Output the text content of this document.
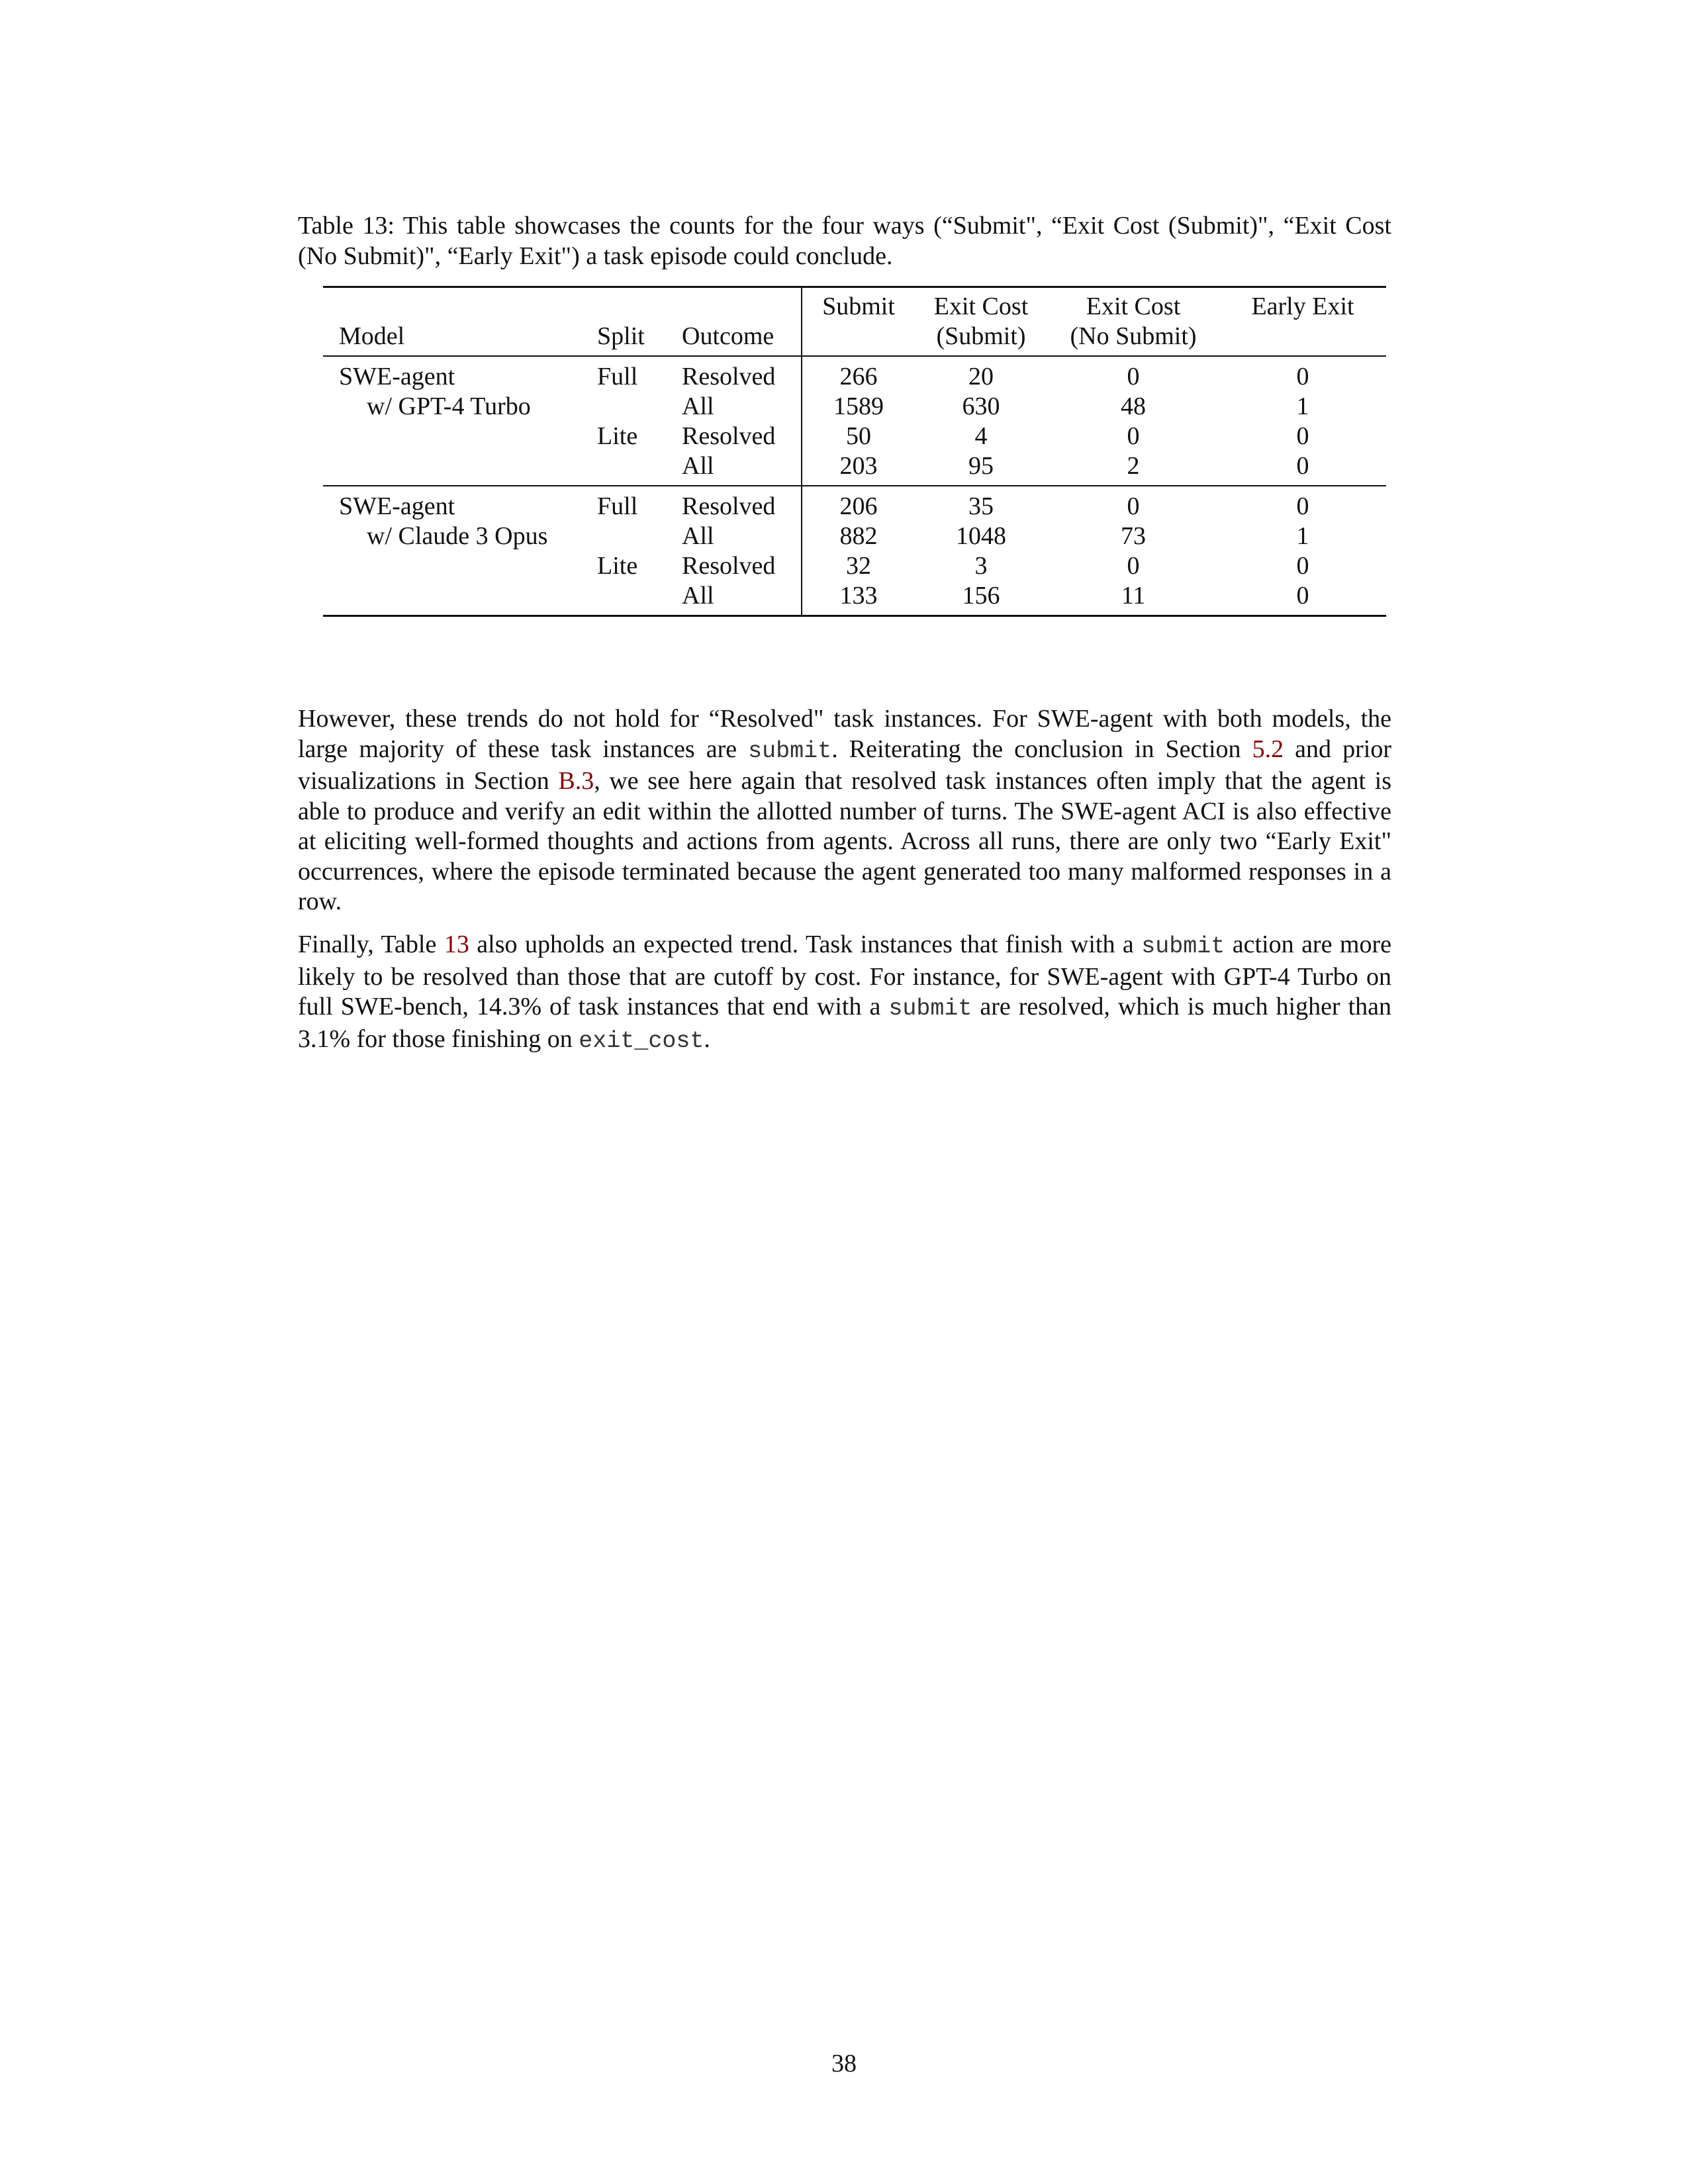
Table 13: This table showcases the counts for the four ways (“Submit", “Exit Cost (Submit)", “Exit Cost (No Submit)", “Early Exit") a task episode could conclude.

			Submit	Exit Cost	Exit Cost	Early Exit
Model	Split	Outcome		(Submit)	(No Submit)	
SWE-agent	Full	Resolved	266	20	0	0
w/ GPT-4 Turbo		All	1589	630	48	1
	Lite	Resolved	50	4	0	0
		All	203	95	2	0
SWE-agent	Full	Resolved	206	35	0	0
w/ Claude 3 Opus		All	882	1048	73	1
	Lite	Resolved	32	3	0	0
		All	133	156	11	0

However, these trends do not hold for “Resolved" task instances. For SWE-agent with both models, the large majority of these task instances are submit. Reiterating the conclusion in Section 5.2 and prior visualizations in Section B.3, we see here again that resolved task instances often imply that the agent is able to produce and verify an edit within the allotted number of turns. The SWE-agent ACI is also effective at eliciting well-formed thoughts and actions from agents. Across all runs, there are only two “Early Exit" occurrences, where the episode terminated because the agent generated too many malformed responses in a row.

Finally, Table 13 also upholds an expected trend. Task instances that finish with a submit action are more likely to be resolved than those that are cutoff by cost. For instance, for SWE-agent with GPT-4 Turbo on full SWE-bench, 14.3% of task instances that end with a submit are resolved, which is much higher than 3.1% for those finishing on exit_cost.

38
